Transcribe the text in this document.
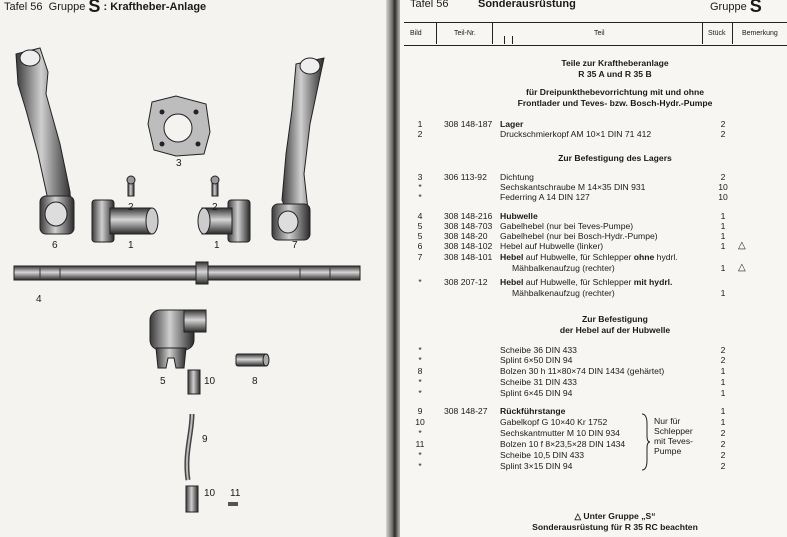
Tafel 56 Gruppe S : Kraftheber-Anlage
3
2	2
6	1	1	7
4
5	10	8
9
10 11
Tafel 56	Sonderausrüstung	Gruppe S
Bild	Teil-Nr.	Teil	Stück Bemerkung
Teile zur Kraftheberanlage
R 35 A und R 35 B
für Dreipunkthebevorrichtung mit und ohne
Frontlader und Teves- bzw. Bosch-Hydr.-Pumpe
1	308 148-187 Lager	2
2	Druckschmierkopf AM 10×1 DIN 71 412	2
Zur Befestigung des Lagers
3	306 113-92 Dichtung	2
*	Sechskantschraube M 14×35 DIN 931	10
*	Federring A 14 DIN 127	10
4	308 148-216 Hubwelle	1
5	308 148-703 Gabelhebel (nur bei Teves-Pumpe)	1
5	308 148-20 Gabelhebel (nur bei Bosch-Hydr.-Pumpe)	1
6	308 148-102 Hebel auf Hubwelle (linker)	1	△
7	308 148-101 Hebel auf Hubwelle, für Schlepper ohne hydrl.
Mähbalkenaufzug (rechter)	1	△
*	308 207-12 Hebel auf Hubwelle, für Schlepper mit hydrl.
Mähbalkenaufzug (rechter)	1
Zur Befestigung
der Hebel auf der Hubwelle
*	Scheibe 36 DIN 433	2
*	Splint 6×50 DIN 94	2
8	Bolzen 30 h 11×80×74 DIN 1434 (gehärtet)	1
*	Scheibe 31 DIN 433	1
*	Splint 6×45 DIN 94	1
9	308 148-27 Rückführstange	1
10	Gabelkopf G 10×40 Kr 1752	1
*	Sechskantmutter M 10 DIN 934	2
11	Bolzen 10 f 8×23,5×28 DIN 1434	2
*	Scheibe 10,5 DIN 433	2
*	Splint 3×15 DIN 94	2
Nur für
Schlepper
mit Teves-
Pumpe
△ Unter Gruppe „S“
Sonderausrüstung für R 35 RC beachten
